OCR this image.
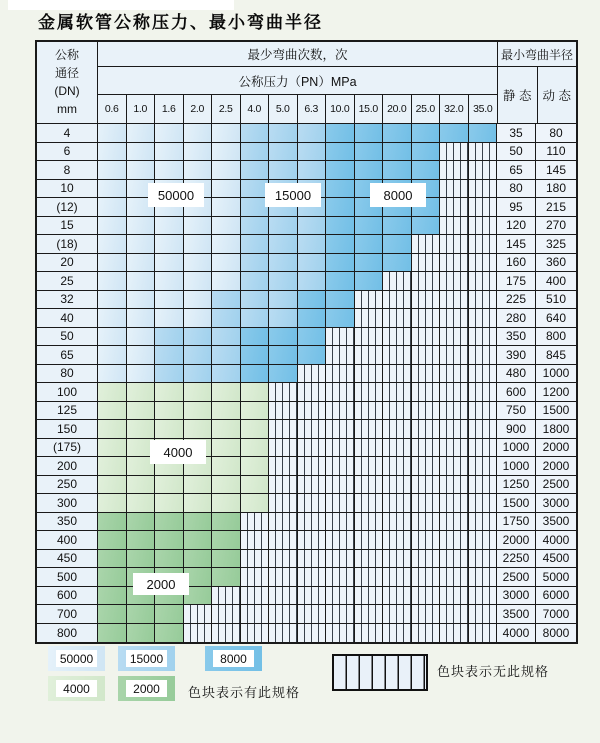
金属软管公称压力、最小弯曲半径
公称
通径
(DN)
mm
最少弯曲次数，次
公称压力（PN）MPa
0.6	1.0	1.6	2.0	2.5	4.0	5.0	6.3	10.0 15.0 20.0 25.0 32.0 35.0
最小弯曲半径
静 态 动 态
4	35	80
6	50	110
8	65	145
10	80	180
(12)	95	215
15	120	270
(18)	145	325
20	160	360
25	175	400
32	225	510
40	280	640
50	350	800
65	390	845
80	480	1000
100	600	1200
125	750	1500
150	900	1800
(175)	1000	2000
200	1000	2000
250	1250	2500
300	1500	3000
350	1750	3500
400	2000	4000
450	2250	4500
500	2500	5000
600	3000	6000
700	3500	7000
800	4000	8000
50000	15000	8000
4000
2000
50000	15000	8000
4000	2000	色块表示有此规格
色块表示无此规格
